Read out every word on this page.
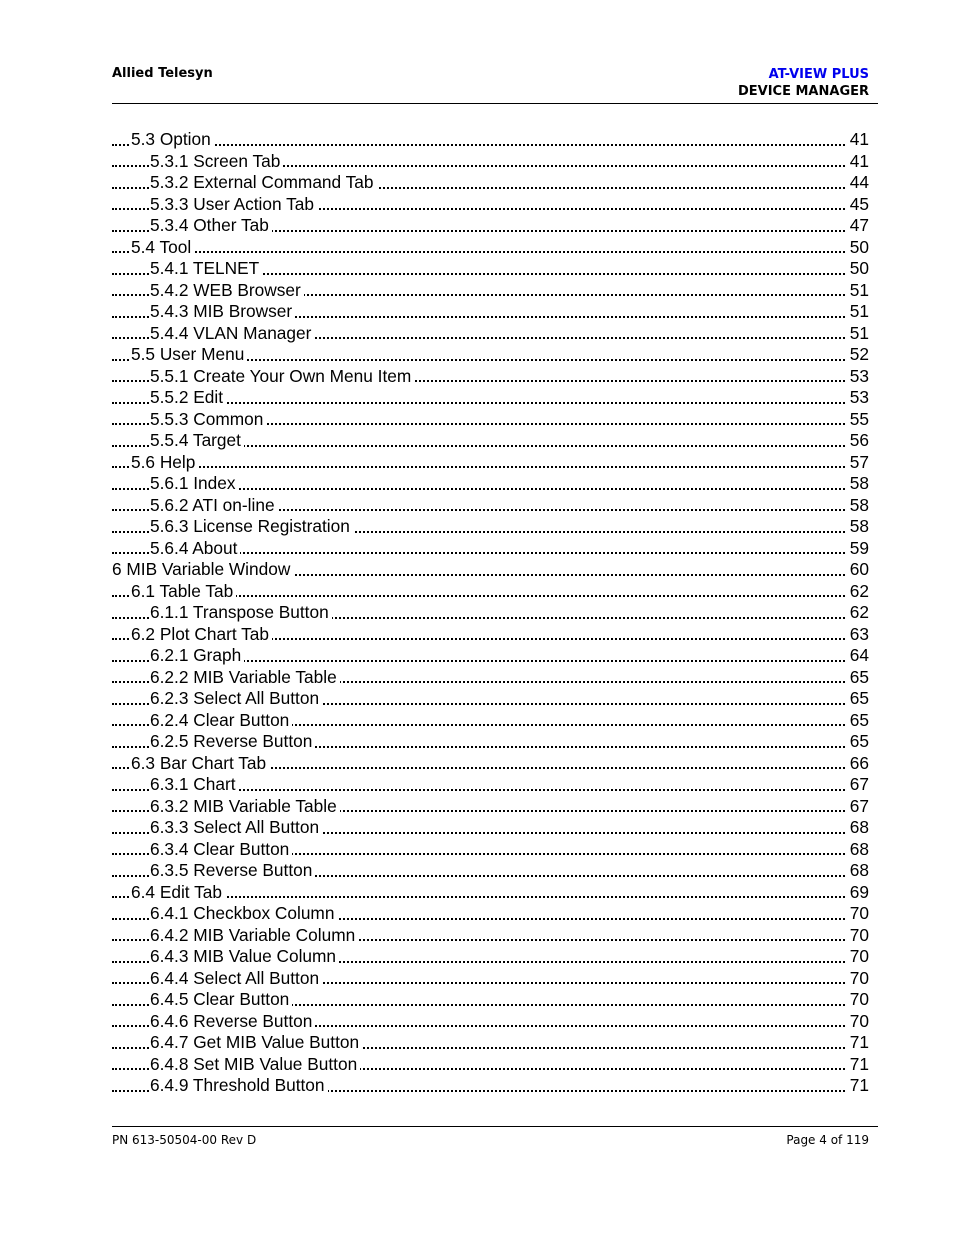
Allied Telesyn	AT-VIEW PLUS
DEVICE MANAGER
5.3 Option	41
5.3.1 Screen Tab	41
5.3.2 External Command Tab	44
5.3.3 User Action Tab	45
5.3.4 Other Tab	47
5.4 Tool	50
5.4.1 TELNET	50
5.4.2 WEB Browser	51
5.4.3 MIB Browser	51
5.4.4 VLAN Manager	51
5.5 User Menu	52
5.5.1 Create Your Own Menu Item	53
5.5.2 Edit	53
5.5.3 Common	55
5.5.4 Target	56
5.6 Help	57
5.6.1 Index	58
5.6.2 ATI on-line	58
5.6.3 License Registration	58
5.6.4 About	59
6 MIB Variable Window	60
6.1 Table Tab	62
6.1.1 Transpose Button	62
6.2 Plot Chart Tab	63
6.2.1 Graph	64
6.2.2 MIB Variable Table	65
6.2.3 Select All Button	65
6.2.4 Clear Button	65
6.2.5 Reverse Button	65
6.3 Bar Chart Tab	66
6.3.1 Chart	67
6.3.2 MIB Variable Table	67
6.3.3 Select All Button	68
6.3.4 Clear Button	68
6.3.5 Reverse Button	68
6.4 Edit Tab	69
6.4.1 Checkbox Column	70
6.4.2 MIB Variable Column	70
6.4.3 MIB Value Column	70
6.4.4 Select All Button	70
6.4.5 Clear Button	70
6.4.6 Reverse Button	70
6.4.7 Get MIB Value Button	71
6.4.8 Set MIB Value Button	71
6.4.9 Threshold Button	71
PN 613-50504-00 Rev D	Page 4 of 119
